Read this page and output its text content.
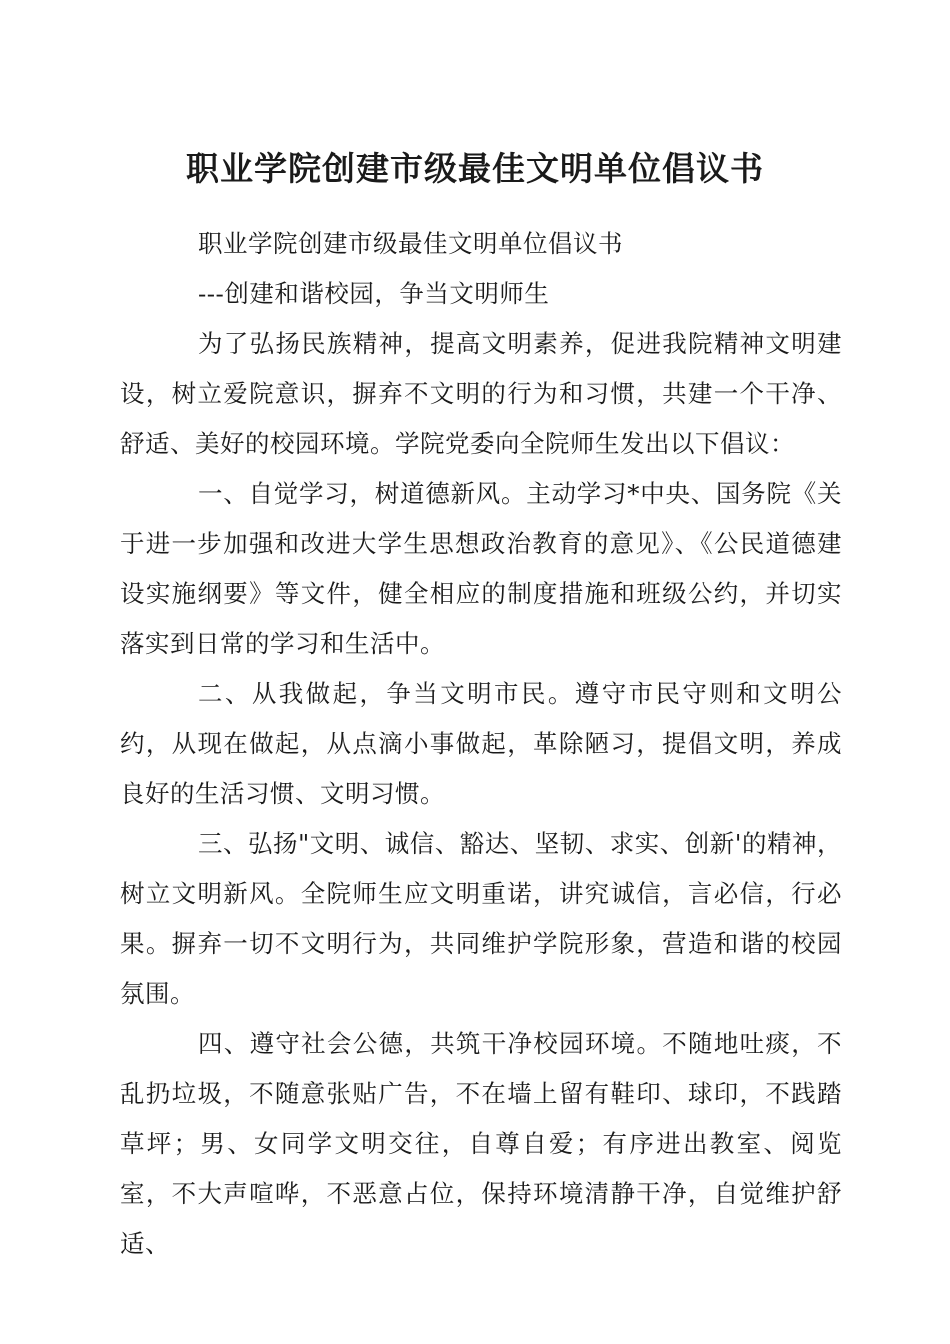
职业学院创建市级最佳文明单位倡议书

职业学院创建市级最佳文明单位倡议书

---创建和谐校园，争当文明师生

为了弘扬民族精神，提高文明素养，促进我院精神文明建设，树立爱院意识，摒弃不文明的行为和习惯，共建一个干净、舒适、美好的校园环境。学院党委向全院师生发出以下倡议：

一、自觉学习，树道德新风。主动学习*中央、国务院《关于进一步加强和改进大学生思想政治教育的意见》、《公民道德建设实施纲要》等文件，健全相应的制度措施和班级公约，并切实落实到日常的学习和生活中。

二、从我做起，争当文明市民。遵守市民守则和文明公约，从现在做起，从点滴小事做起，革除陋习，提倡文明，养成良好的生活习惯、文明习惯。

三、弘扬"文明、诚信、豁达、坚韧、求实、创新'的精神，树立文明新风。全院师生应文明重诺，讲究诚信，言必信，行必果。摒弃一切不文明行为，共同维护学院形象，营造和谐的校园氛围。

四、遵守社会公德，共筑干净校园环境。不随地吐痰，不乱扔垃圾，不随意张贴广告，不在墙上留有鞋印、球印，不践踏草坪；男、女同学文明交往，自尊自爱；有序进出教室、阅览室，不大声喧哗，不恶意占位，保持环境清静干净，自觉维护舒适、
